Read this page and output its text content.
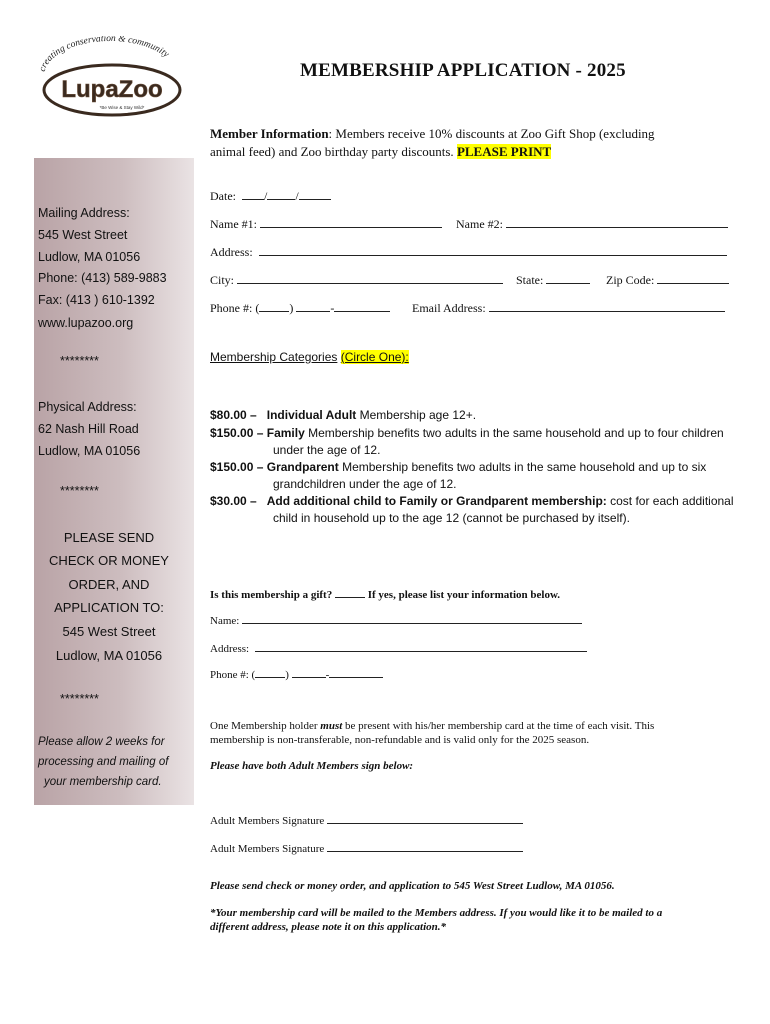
creating conservation & community
LupaZoo
*Be Wise & Stay Wild*
MEMBERSHIP APPLICATION - 2025
Member Information: Members receive 10% discounts at Zoo Gift Shop (excluding
animal feed) and Zoo birthday party discounts. PLEASE PRINT
Mailing Address:
545 West Street
Ludlow, MA 01056
Phone: (413) 589-9883
Fax: (413 ) 610-1392
www.lupazoo.org
********
Physical Address:
62 Nash Hill Road
Ludlow, MA 01056
********
PLEASE SEND
CHECK OR MONEY
ORDER, AND
APPLICATION TO:
545 West Street
Ludlow, MA 01056
********
Please allow 2 weeks for
processing and mailing of
your membership card.
Date: / /
Name #1:	Name #2:
Address:
City:	State:	Zip Code:
Phone #: (	)	-	Email Address:
Membership Categories (Circle One):
$80.00 – Individual Adult Membership age 12+.
$150.00 – Family Membership benefits two adults in the same household and up to four children
under the age of 12.
$150.00 – Grandparent Membership benefits two adults in the same household and up to six
grandchildren under the age of 12.
$30.00 – Add additional child to Family or Grandparent membership: cost for each additional
child in household up to the age 12 (cannot be purchased by itself).
Is this membership a gift?	If yes, please list your information below.
Name:
Address:
Phone #: (	)	-
One Membership holder must be present with his/her membership card at the time of each visit. This
membership is non-transferable, non-refundable and is valid only for the 2025 season.
Please have both Adult Members sign below:
Adult Members Signature
Adult Members Signature
Please send check or money order, and application to 545 West Street Ludlow, MA 01056.
*Your membership card will be mailed to the Members address. If you would like it to be mailed to a
different address, please note it on this application.*
